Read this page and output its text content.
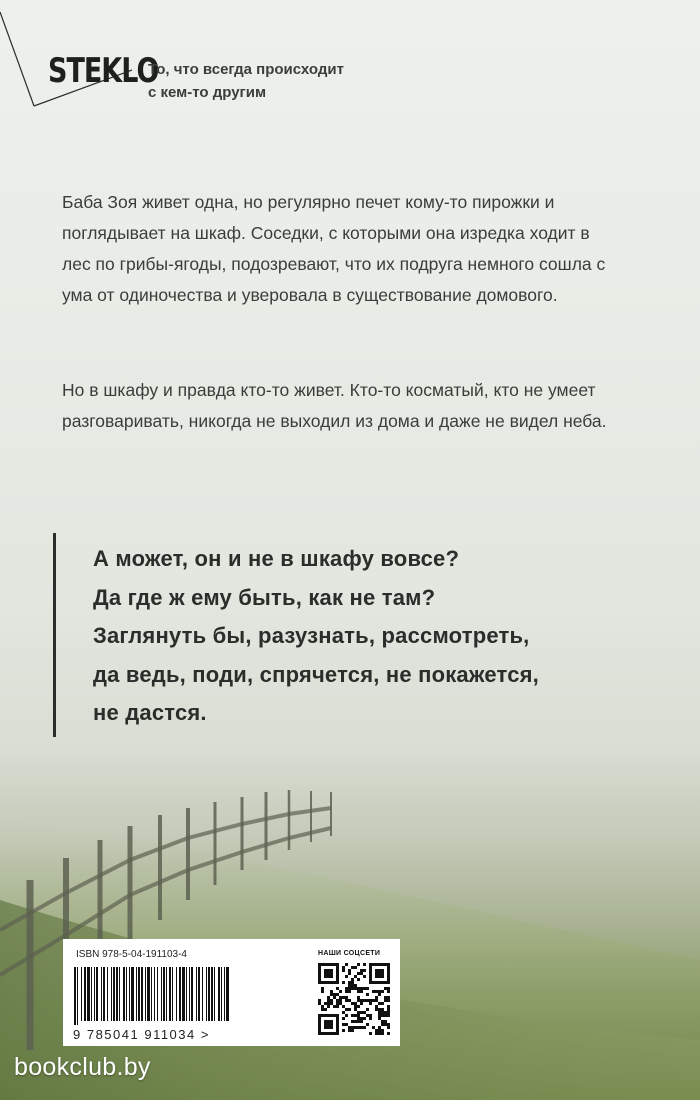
STEKLO

То, что всегда происходит
с кем-то другим

Баба Зоя живет одна, но регулярно печет кому-то пирожки и поглядывает на шкаф. Соседки, с которыми она изредка ходит в лес по грибы-ягоды, подозревают, что их подруга немного сошла с ума от одиночества и уверовала в существование домового.

Но в шкафу и правда кто-то живет. Кто-то косматый, кто не умеет разговаривать, никогда не выходил из дома и даже не видел неба.

А может, он и не в шкафу вовсе?
Да где ж ему быть, как не там?
Заглянуть бы, разузнать, рассмотреть,
да ведь, поди, спрячется, не покажется,
не дастся.

ISBN 978-5-04-191103-4

9 785041 911034 >

НАШИ СОЦСЕТИ

bookclub.by
